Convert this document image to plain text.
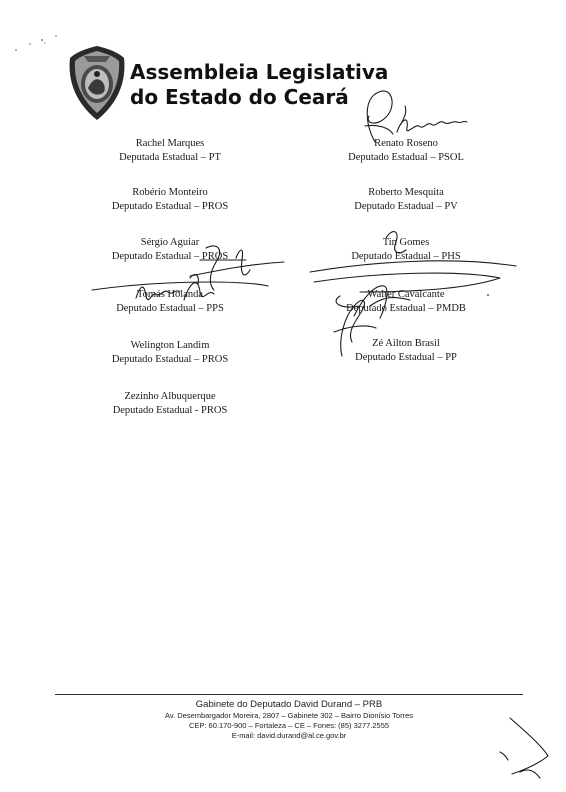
Assembleia Legislativa
do Estado do Ceará
Rachel Marques
Deputada Estadual – PT
Robério Monteiro
Deputado Estadual – PROS
Sérgio Aguiar
Deputado Estadual – PROS
Tomás Holanda
Deputado Estadual – PPS
Welington Landim
Deputado Estadual – PROS
Zezinho Albuquerque
Deputado Estadual - PROS
Renato Roseno
Deputado Estadual – PSOL
Roberto Mesquita
Deputado Estadual – PV
Tin Gomes
Deputado Estadual – PHS
Walter Cavalcante
Deputado Estadual – PMDB
Zé Ailton Brasil
Deputado Estadual – PP
Gabinete do Deputado David Durand – PRB
Av. Desembargador Moreira, 2807 – Gabinete 302 – Bairro Dionísio Torres
CEP: 60.170-900 – Fortaleza – CE – Fones: (85) 3277.2555
E-mail: david.durand@al.ce.gov.br
